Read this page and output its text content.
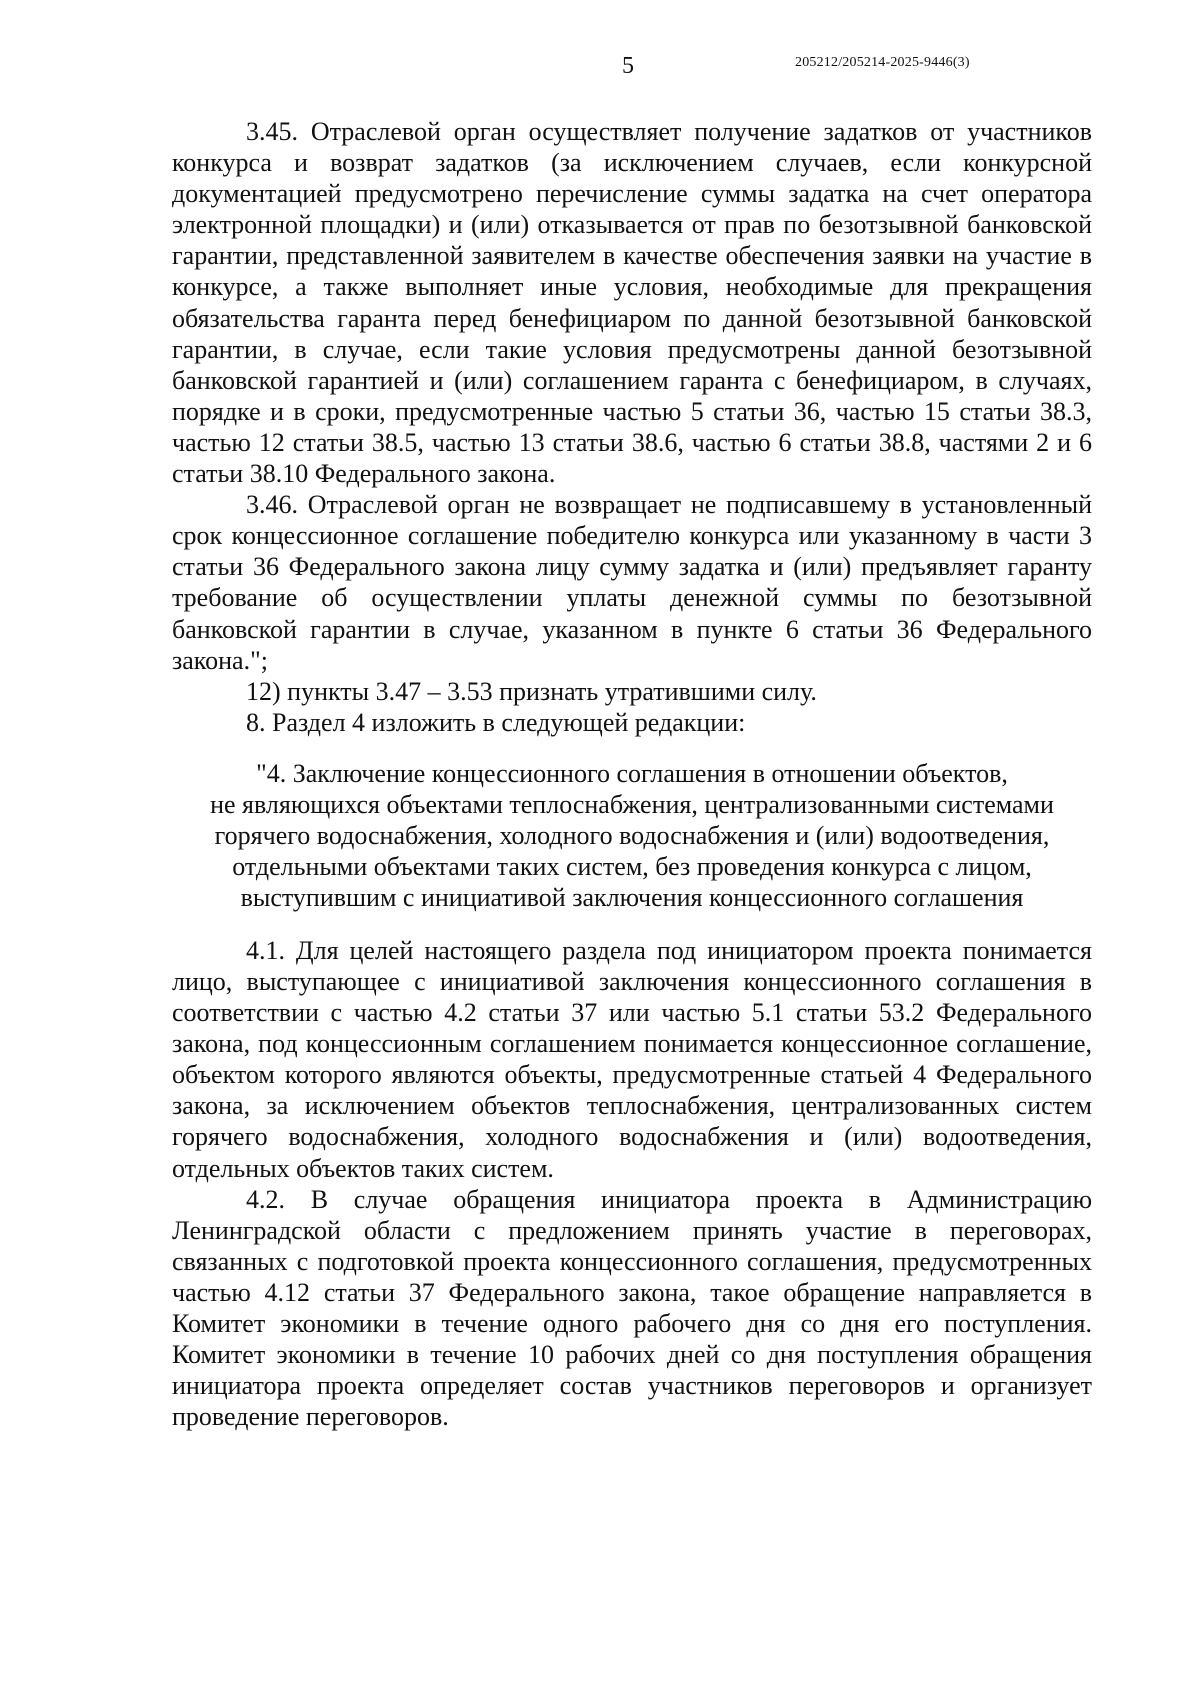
5	205212/205214-2025-9446(3)

3.45. Отраслевой орган осуществляет получение задатков от участников конкурса и возврат задатков (за исключением случаев, если конкурсной документацией предусмотрено перечисление суммы задатка на счет оператора электронной площадки) и (или) отказывается от прав по безотзывной банковской гарантии, представленной заявителем в качестве обеспечения заявки на участие в конкурсе, а также выполняет иные условия, необходимые для прекращения обязательства гаранта перед бенефициаром по данной безотзывной банковской гарантии, в случае, если такие условия предусмотрены данной безотзывной банковской гарантией и (или) соглашением гаранта с бенефициаром, в случаях, порядке и в сроки, предусмотренные частью 5 статьи 36, частью 15 статьи 38.3, частью 12 статьи 38.5, частью 13 статьи 38.6, частью 6 статьи 38.8, частями 2 и 6 статьи 38.10 Федерального закона.

3.46. Отраслевой орган не возвращает не подписавшему в установленный срок концессионное соглашение победителю конкурса или указанному в части 3 статьи 36 Федерального закона лицу сумму задатка и (или) предъявляет гаранту требование об осуществлении уплаты денежной суммы по безотзывной банковской гарантии в случае, указанном в пункте 6 статьи 36 Федерального закона.";

12) пункты 3.47 – 3.53 признать утратившими силу.

8. Раздел 4 изложить в следующей редакции:

"4. Заключение концессионного соглашения в отношении объектов,
не являющихся объектами теплоснабжения, централизованными системами
горячего водоснабжения, холодного водоснабжения и (или) водоотведения,
отдельными объектами таких систем, без проведения конкурса с лицом,
выступившим с инициативой заключения концессионного соглашения

4.1. Для целей настоящего раздела под инициатором проекта понимается лицо, выступающее с инициативой заключения концессионного соглашения в соответствии с частью 4.2 статьи 37 или частью 5.1 статьи 53.2 Федерального закона, под концессионным соглашением понимается концессионное соглашение, объектом которого являются объекты, предусмотренные статьей 4 Федерального закона, за исключением объектов теплоснабжения, централизованных систем горячего водоснабжения, холодного водоснабжения и (или) водоотведения, отдельных объектов таких систем.

4.2. В случае обращения инициатора проекта в Администрацию Ленинградской области с предложением принять участие в переговорах, связанных с подготовкой проекта концессионного соглашения, предусмотренных частью 4.12 статьи 37 Федерального закона, такое обращение направляется в Комитет экономики в течение одного рабочего дня со дня его поступления. Комитет экономики в течение 10 рабочих дней со дня поступления обращения инициатора проекта определяет состав участников переговоров и организует проведение переговоров.
